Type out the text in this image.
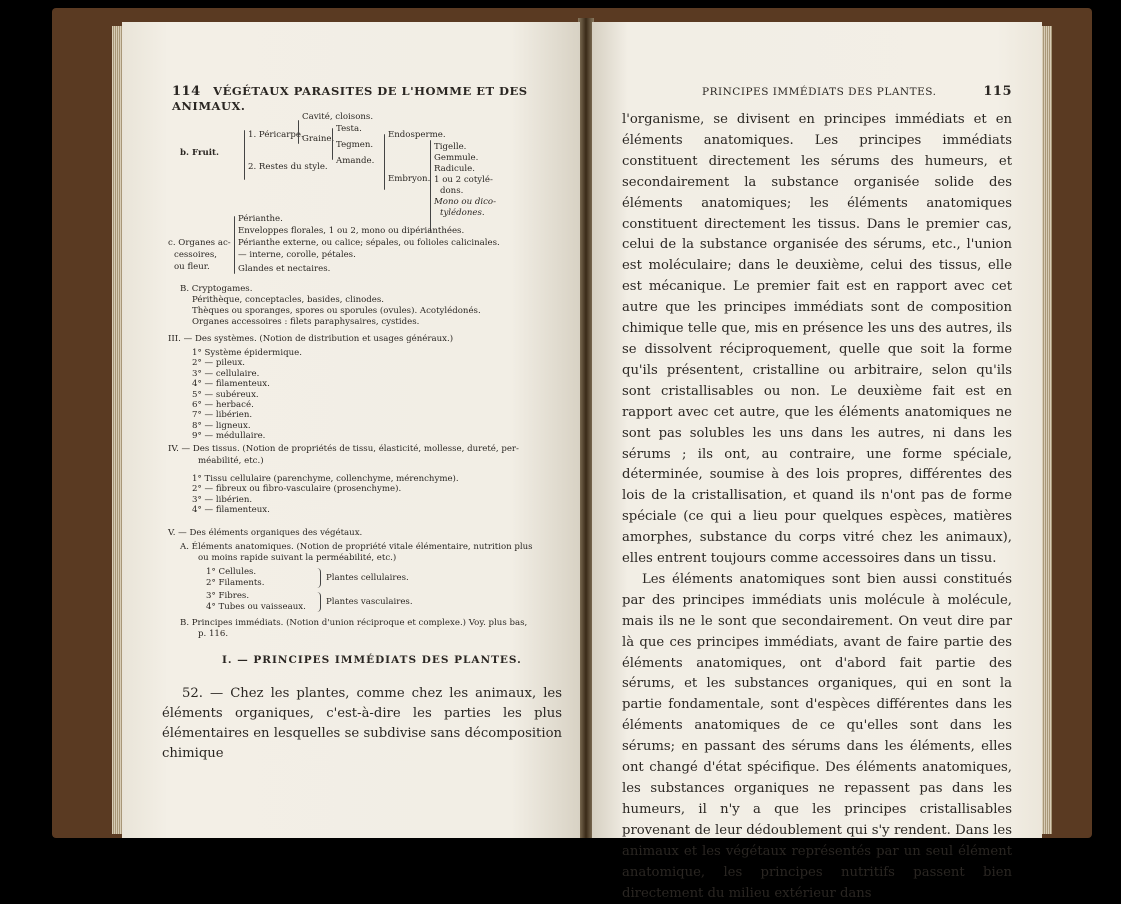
114 VÉGÉTAUX PARASITES DE L'HOMME ET DES ANIMAUX.
b. Fruit.
1. Péricarpe.
Cavité, cloisons.
Graine.
Testa.
Tegmen.
Amande.
Endosperme.
Embryon.
Tigelle.
Gemmule.
Radicule.
1 ou 2 cotylé-
dons.
Mono ou dico-
tylédones.
2. Restes du style.
c. Organes ac-
cessoires,
ou fleur.
Périanthe.
Enveloppes florales, 1 ou 2, mono ou dipérianthées.
Périanthe externe, ou calice; sépales, ou folioles calicinales.
— interne, corolle, pétales.
Glandes et nectaires.
B. Cryptogames.
Périthèque, conceptacles, basides, clinodes.
Thèques ou sporanges, spores ou sporules (ovules). Acotylédonés.
Organes accessoires : filets paraphysaires, cystides.
III. — Des systèmes. (Notion de distribution et usages généraux.)
1° Système épidermique.
2° — pileux.
3° — cellulaire.
4° — filamenteux.
5° — subéreux.
6° — herbacé.
7° — libérien.
8° — ligneux.
9° — médullaire.
IV. — Des tissus. (Notion de propriétés de tissu, élasticité, mollesse, dureté, per-
méabilité, etc.)
1° Tissu cellulaire (parenchyme, collenchyme, mérenchyme).
2° — fibreux ou fibro-vasculaire (prosenchyme).
3° — libérien.
4° — filamenteux.
V. — Des éléments organiques des végétaux.
A. Éléments anatomiques. (Notion de propriété vitale élémentaire, nutrition plus
ou moins rapide suivant la perméabilité, etc.)
1° Cellules.
2° Filaments.
3° Fibres.
4° Tubes ou vaisseaux.
Plantes cellulaires.
Plantes vasculaires.
B. Principes immédiats. (Notion d'union réciproque et complexe.) Voy. plus bas,
p. 116.
I. — PRINCIPES IMMÉDIATS DES PLANTES.

52. — Chez les plantes, comme chez les animaux, les éléments organiques, c'est-à-dire les parties les plus élémentaires en lesquelles se subdivise sans décomposition chimique

PRINCIPES IMMÉDIATS DES PLANTES.	115

l'organisme, se divisent en principes immédiats et en éléments anatomiques. Les principes immédiats constituent directement les sérums des humeurs, et secondairement la substance organisée solide des éléments anatomiques; les éléments anatomiques constituent directement les tissus. Dans le premier cas, celui de la substance organisée des sérums, etc., l'union est moléculaire; dans le deuxième, celui des tissus, elle est mécanique. Le premier fait est en rapport avec cet autre que les principes immédiats sont de composition chimique telle que, mis en présence les uns des autres, ils se dissolvent réciproquement, quelle que soit la forme qu'ils présentent, cristalline ou arbitraire, selon qu'ils sont cristallisables ou non. Le deuxième fait est en rapport avec cet autre, que les éléments anatomiques ne sont pas solubles les uns dans les autres, ni dans les sérums ; ils ont, au contraire, une forme spéciale, déterminée, soumise à des lois propres, différentes des lois de la cristallisation, et quand ils n'ont pas de forme spéciale (ce qui a lieu pour quelques espèces, matières amorphes, substance du corps vitré chez les animaux), elles entrent toujours comme accessoires dans un tissu.

Les éléments anatomiques sont bien aussi constitués par des principes immédiats unis molécule à molécule, mais ils ne le sont que secondairement. On veut dire par là que ces principes immédiats, avant de faire partie des éléments anatomiques, ont d'abord fait partie des sérums, et les substances organiques, qui en sont la partie fondamentale, sont d'espèces différentes dans les éléments anatomiques de ce qu'elles sont dans les sérums; en passant des sérums dans les éléments, elles ont changé d'état spécifique. Des éléments anatomiques, les substances organiques ne repassent pas dans les humeurs, il n'y a que les principes cristallisables provenant de leur dédoublement qui s'y rendent. Dans les animaux et les végétaux représentés par un seul élément anatomique, les principes nutritifs passent bien directement du milieu extérieur dans
